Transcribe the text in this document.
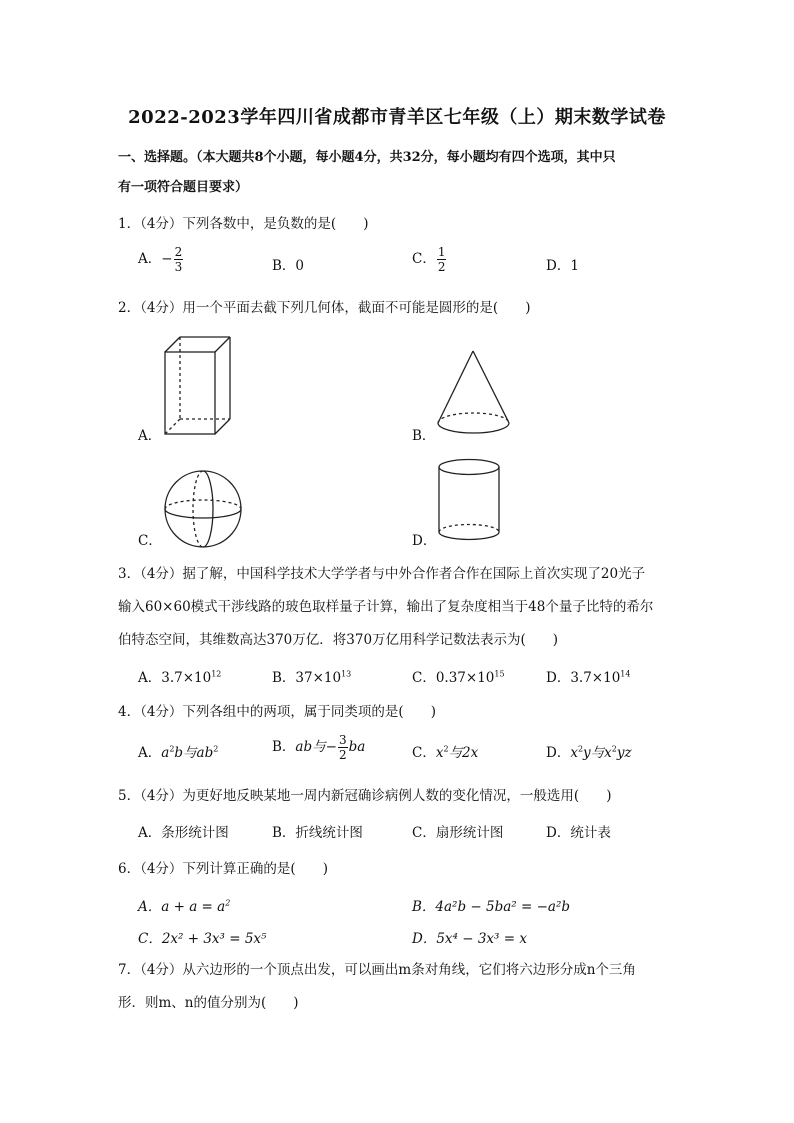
2022-2023学年四川省成都市青羊区七年级（上）期末数学试卷
一、选择题。（本大题共8个小题，每小题4分，共32分，每小题均有四个选项，其中只
有一项符合题目要求）
1．（4分）下列各数中，是负数的是(　　)
A．− $\frac{2}{3}$	B．0	C． $\frac{1}{2}$	D．1
2．（4分）用一个平面去截下列几何体，截面不可能是圆形的是(　　)
A．	B．
C．	D．
3．（4分）据了解，中国科学技术大学学者与中外合作者合作在国际上首次实现了20光子
输入60×60模式干涉线路的玻色取样量子计算，输出了复杂度相当于48个量子比特的希尔
伯特态空间，其维数高达370万亿．将370万亿用科学记数法表示为(　　)
A．$3.7\times 10^{12}$	B．$37\times 10^{13}$	C．$0.37\times 10^{15}$	D．$3.7\times 10^{14}$
4．（4分）下列各组中的两项，属于同类项的是(　　)
A．$a^2b$与$ab^2$	B．ab与− $\frac{3}{2}$ ba	C．$x^2$与2x	D．$x^2y$与$x^2yz$
5．（4分）为更好地反映某地一周内新冠确诊病例人数的变化情况，一般选用(　　)
A．条形统计图	B．折线统计图	C．扇形统计图	D．统计表
6．（4分）下列计算正确的是(　　)
A．$a + a = a^2$	B．4a²b − 5ba² = −a²b
C．2x² + 3x³ = 5x⁵	D．5x⁴ − 3x³ = x
7．（4分）从六边形的一个顶点出发，可以画出m条对角线，它们将六边形分成n个三角
形．则m、n的值分别为(　　)
